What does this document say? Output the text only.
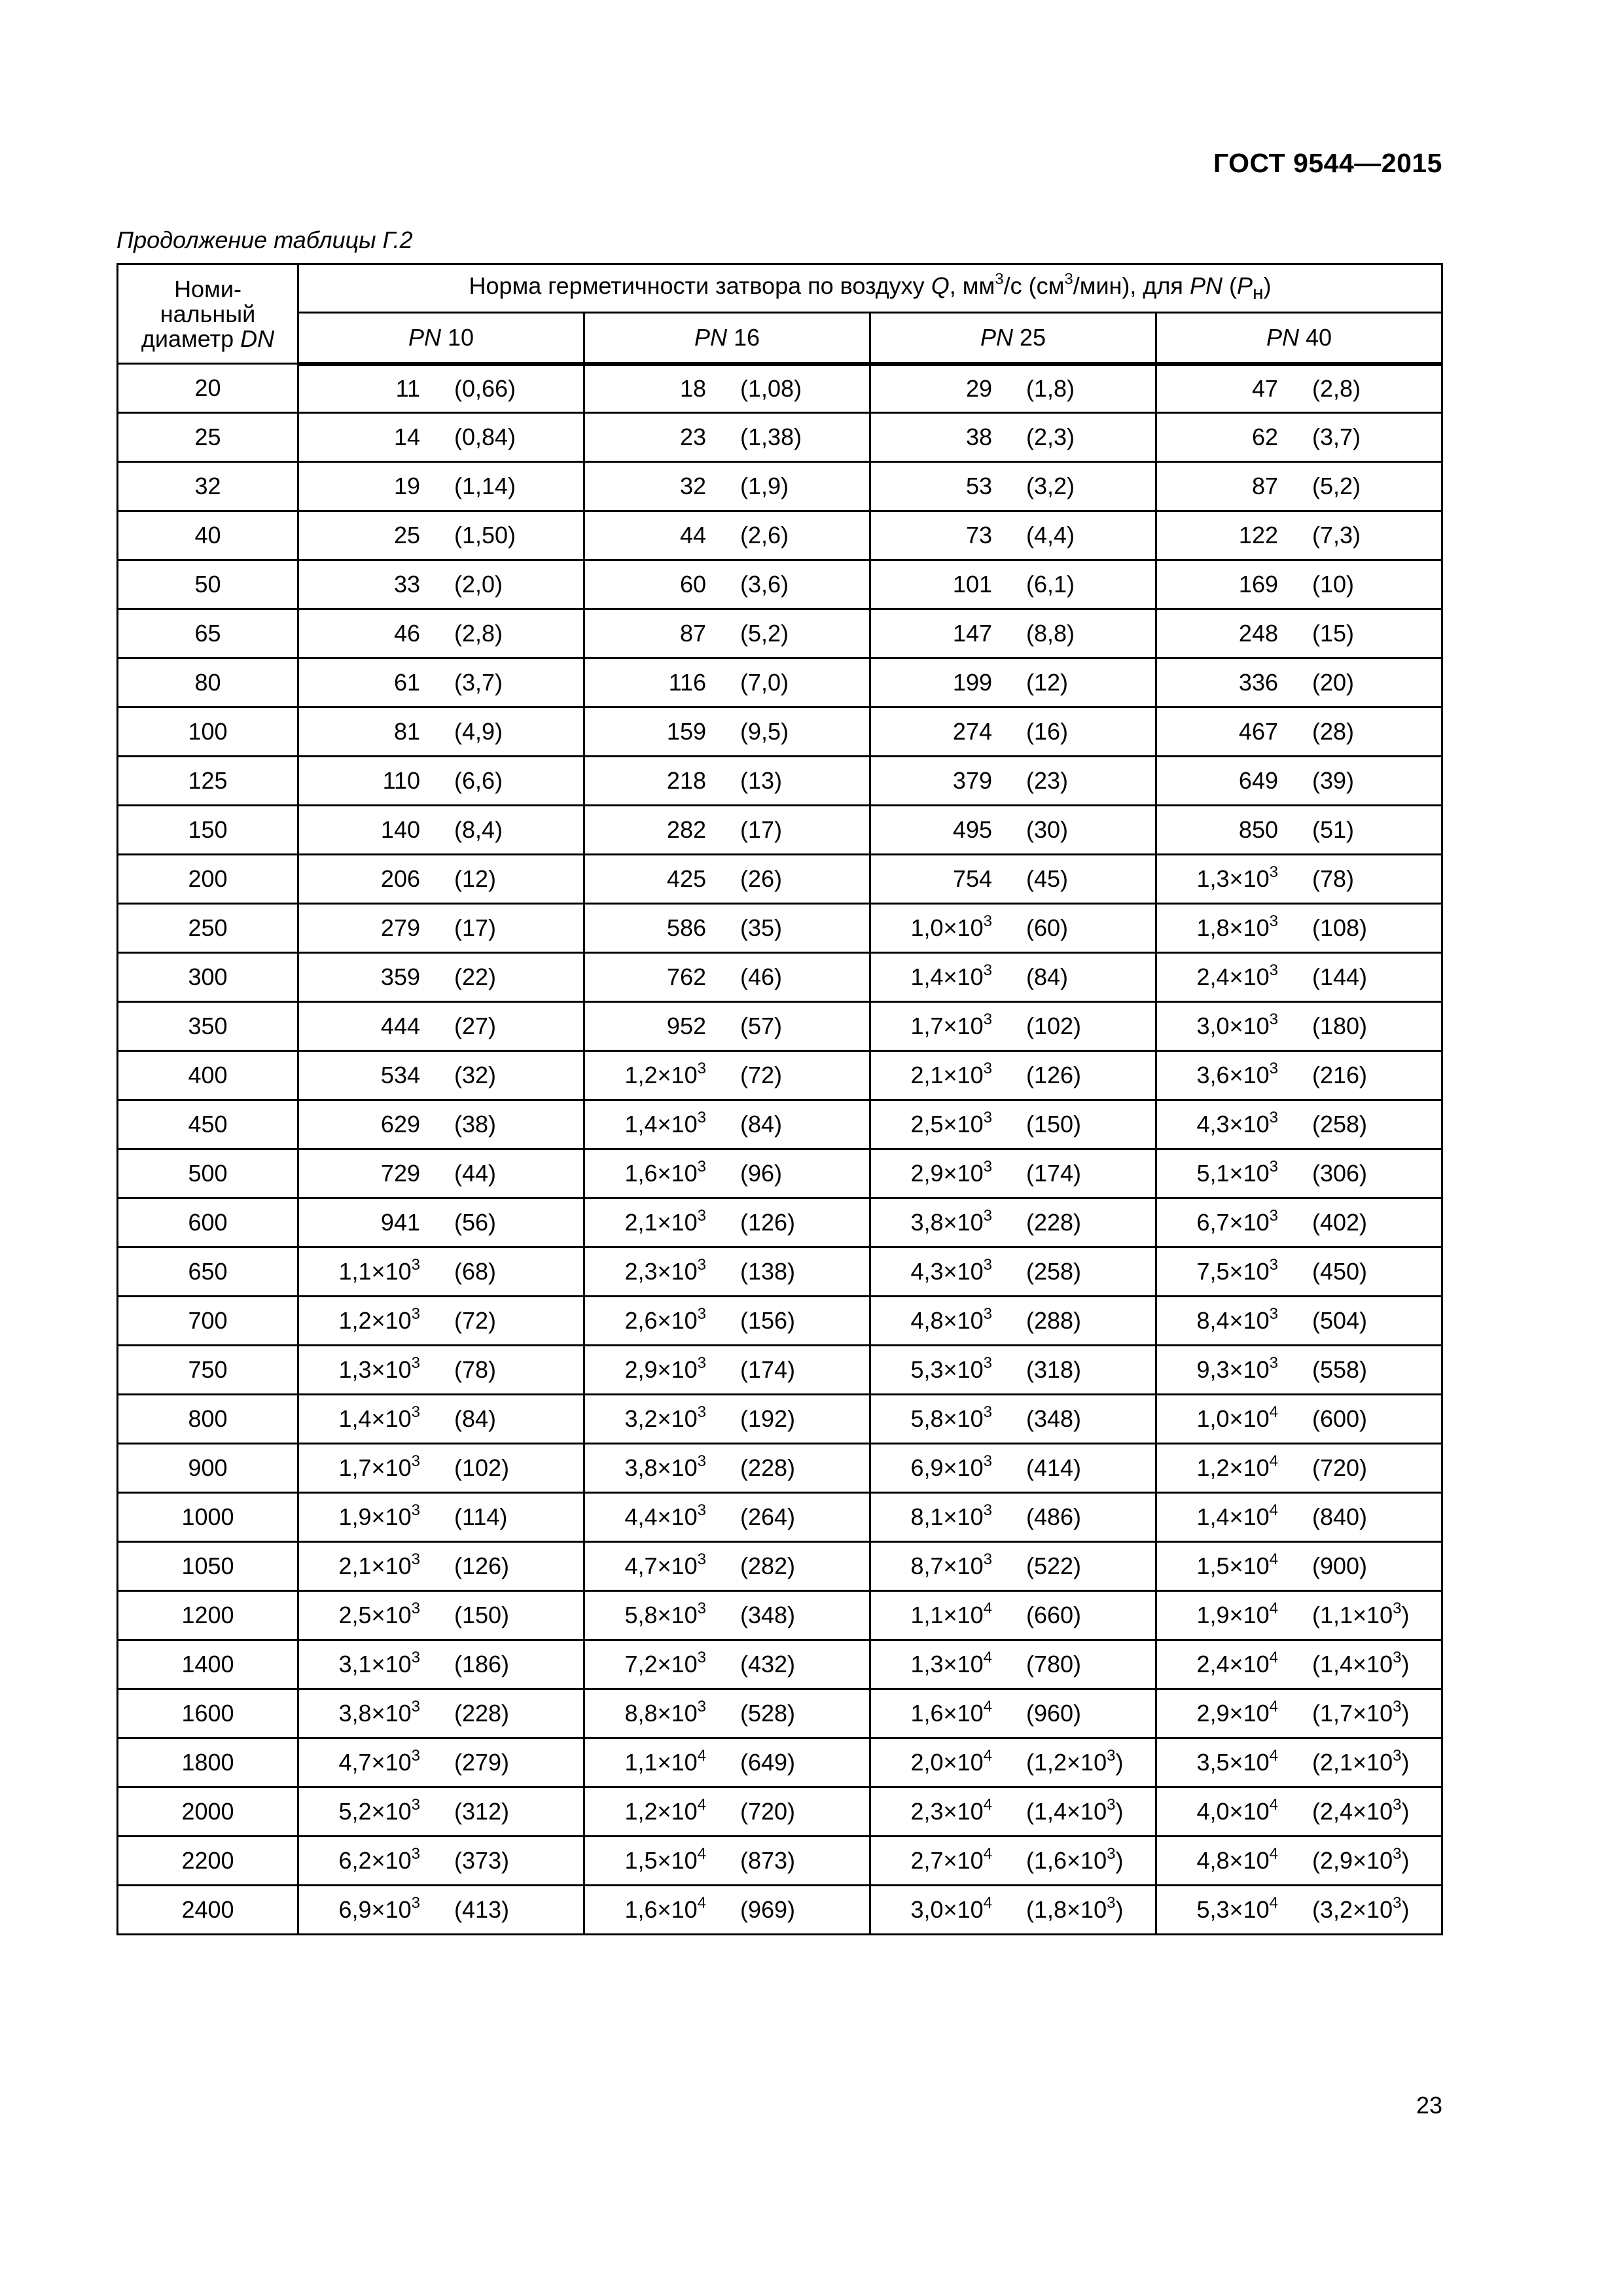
ГОСТ 9544—2015
Продолжение таблицы Г.2
Номи-
нальный
диаметр DN	Норма герметичности затвора по воздуху Q, $мм^3/с$ $(см^3/мин)$, для PN $(P_н)$			
	PN 10	PN 16	PN 25	PN 40
20	11 (0,66)	18 (1,08)	29 (1,8)	47 (2,8)

25	14 (0,84)	23 (1,38)	38 (2,3)	62 (3,7)

32	19 (1,14)	32 (1,9)	53 (3,2)	87 (5,2)

40	25 (1,50)	44 (2,6)	73 (4,4)	122 (7,3)

50	33 (2,0)	60 (3,6)	101 (6,1)	169 (10)

65	46 (2,8)	87 (5,2)	147 (8,8)	248 (15)

80	61 (3,7)	116 (7,0)	199 (12)	336 (20)

100	81 (4,9)	159 (9,5)	274 (16)	467 (28)

125	110 (6,6)	218 (13)	379 (23)	649 (39)

150	140 (8,4)	282 (17)	495 (30)	850 (51)

200	206 (12)	425 (26)	754 (45)	$1,3\times 10^3$ (78)

250	279 (17)	586 (35)	$1,0\times 10^3$ (60)	$1,8\times 10^3$ (108)

300	359 (22)	762 (46)	$1,4\times 10^3$ (84)	$2,4\times 10^3$ (144)

350	444 (27)	952 (57)	$1,7\times 10^3$ (102)	$3,0\times 10^3$ (180)

400	534 (32)	$1,2\times 10^3$ (72)	$2,1\times 10^3$ (126)	$3,6\times 10^3$ (216)

450	629 (38)	$1,4\times 10^3$ (84)	$2,5\times 10^3$ (150)	$4,3\times 10^3$ (258)

500	729 (44)	$1,6\times 10^3$ (96)	$2,9\times 10^3$ (174)	$5,1\times 10^3$ (306)

600	941 (56)	$2,1\times 10^3$ (126)	$3,8\times 10^3$ (228)	$6,7\times 10^3$ (402)

650	$1,1\times 10^3$ (68)	$2,3\times 10^3$ (138)	$4,3\times 10^3$ (258)	$7,5\times 10^3$ (450)

700	$1,2\times 10^3$ (72)	$2,6\times 10^3$ (156)	$4,8\times 10^3$ (288)	$8,4\times 10^3$ (504)

750	$1,3\times 10^3$ (78)	$2,9\times 10^3$ (174)	$5,3\times 10^3$ (318)	$9,3\times 10^3$ (558)

800	$1,4\times 10^3$ (84)	$3,2\times 10^3$ (192)	$5,8\times 10^3$ (348)	$1,0\times 10^4$ (600)

900	$1,7\times 10^3$ (102)	$3,8\times 10^3$ (228)	$6,9\times 10^3$ (414)	$1,2\times 10^4$ (720)

1000	$1,9\times 10^3$ (114)	$4,4\times 10^3$ (264)	$8,1\times 10^3$ (486)	$1,4\times 10^4$ (840)

1050	$2,1\times 10^3$ (126)	$4,7\times 10^3$ (282)	$8,7\times 10^3$ (522)	$1,5\times 10^4$ (900)

1200	$2,5\times 10^3$ (150)	$5,8\times 10^3$ (348)	$1,1\times 10^4$ (660)	$1,9\times 10^4$ $(1,1\times 10^3)$

1400	$3,1\times 10^3$ (186)	$7,2\times 10^3$ (432)	$1,3\times 10^4$ (780)	$2,4\times 10^4$ $(1,4\times 10^3)$

1600	$3,8\times 10^3$ (228)	$8,8\times 10^3$ (528)	$1,6\times 10^4$ (960)	$2,9\times 10^4$ $(1,7\times 10^3)$

1800	$4,7\times 10^3$ (279)	$1,1\times 10^4$ (649)	$2,0\times 10^4$ $(1,2\times 10^3)$	$3,5\times 10^4$ $(2,1\times 10^3)$

2000	$5,2\times 10^3$ (312)	$1,2\times 10^4$ (720)	$2,3\times 10^4$ $(1,4\times 10^3)$	$4,0\times 10^4$ $(2,4\times 10^3)$

2200	$6,2\times 10^3$ (373)	$1,5\times 10^4$ (873)	$2,7\times 10^4$ $(1,6\times 10^3)$	$4,8\times 10^4$ $(2,9\times 10^3)$

2400	$6,9\times 10^3$ (413)	$1,6\times 10^4$ (969)	$3,0\times 10^4$ $(1,8\times 10^3)$	$5,3\times 10^4$ $(3,2\times 10^3)$
23
